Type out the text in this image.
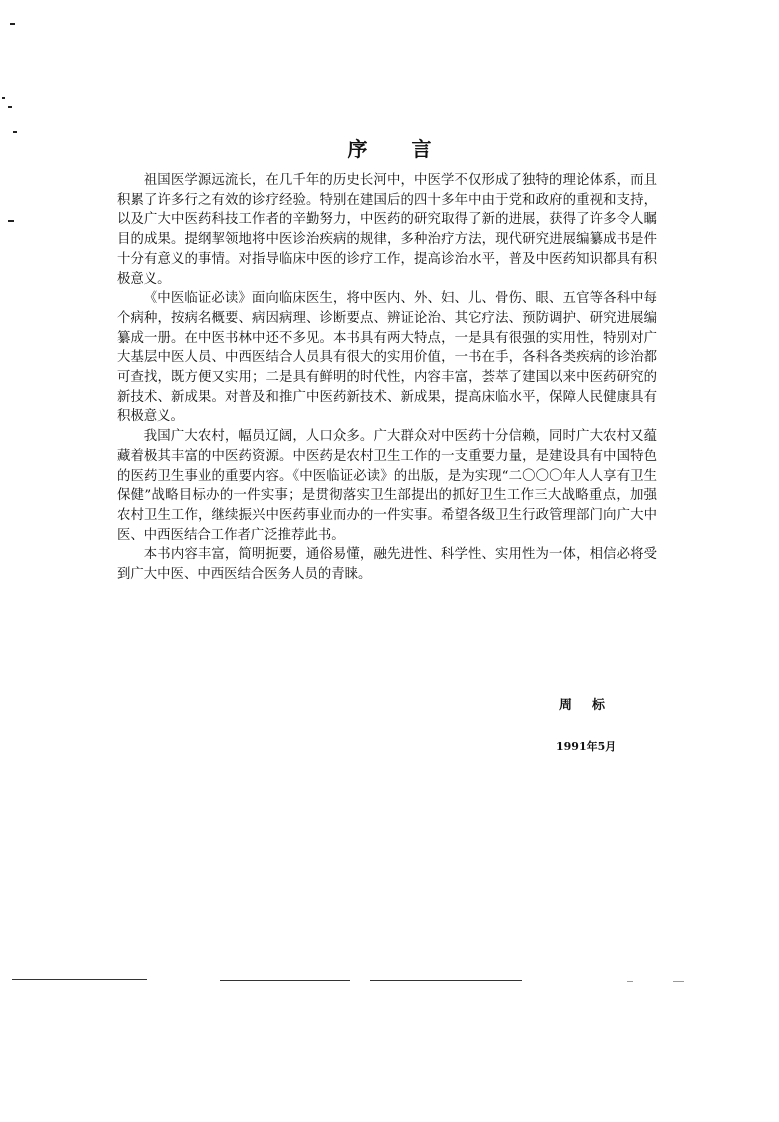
序言

祖国医学源远流长，在几千年的历史长河中，中医学不仅形成了独特的理论体系，而且积累了许多行之有效的诊疗经验。特别在建国后的四十多年中由于党和政府的重视和支持，以及广大中医药科技工作者的辛勤努力，中医药的研究取得了新的进展，获得了许多令人瞩目的成果。提纲挈领地将中医诊治疾病的规律，多种治疗方法，现代研究进展编纂成书是件十分有意义的事情。对指导临床中医的诊疗工作，提高诊治水平，普及中医药知识都具有积极意义。

《中医临证必读》面向临床医生，将中医内、外、妇、儿、骨伤、眼、五官等各科中每个病种，按病名概要、病因病理、诊断要点、辨证论治、其它疗法、预防调护、研究进展编纂成一册。在中医书林中还不多见。本书具有两大特点，一是具有很强的实用性，特别对广大基层中医人员、中西医结合人员具有很大的实用价值，一书在手，各科各类疾病的诊治都可查找，既方便又实用；二是具有鲜明的时代性，内容丰富，荟萃了建国以来中医药研究的新技术、新成果。对普及和推广中医药新技术、新成果，提高床临水平，保障人民健康具有积极意义。

我国广大农村，幅员辽阔，人口众多。广大群众对中医药十分信赖，同时广大农村又蕴藏着极其丰富的中医药资源。中医药是农村卫生工作的一支重要力量，是建设具有中国特色的医药卫生事业的重要内容。《中医临证必读》的出版，是为实现“二〇〇〇年人人享有卫生保健”战略目标办的一件实事；是贯彻落实卫生部提出的抓好卫生工作三大战略重点，加强农村卫生工作，继续振兴中医药事业而办的一件实事。希望各级卫生行政管理部门向广大中医、中西医结合工作者广泛推荐此书。

本书内容丰富，简明扼要，通俗易懂，融先进性、科学性、实用性为一体，相信必将受到广大中医、中西医结合医务人员的青睐。

周标
1991年5月
